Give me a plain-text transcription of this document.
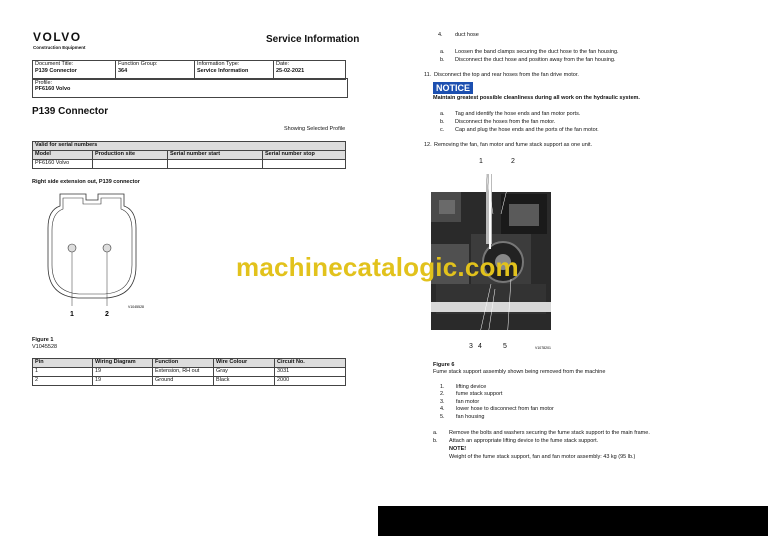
VOLVO
Construction Equipment
Service Information
Document Title:
P139 Connector

Function Group:
364

Information Type:
Service Information

Date:
25-02-2021
Profile:
PF6160 Volvo
P139 Connector
Showing Selected Profile
Valid for serial numbers			
Model	Production site	Serial number start	Serial number stop
PF6160 Volvo			
Right side extension out, P139 connector
1	2
V1045528
Figure 1
V1045528
Pin	Wiring Diagram	Function	Wire Colour	Circuit No.
1	19	Extension, RH out	Gray	3031
2	19	Ground	Black	2000
4. duct hose
a. Loosen the band clamps securing the duct hose to the fan housing.
b. Disconnect the duct hose and position away from the fan housing.
11. Disconnect the top and rear hoses from the fan drive motor.
NOTICE
Maintain greatest possible cleanliness during all work on the hydraulic system.
a. Tag and identify the hose ends and fan motor ports.
b. Disconnect the hoses from the fan motor.
c. Cap and plug the hose ends and the ports of the fan motor.
12. Removing the fan, fan motor and fume stack support as one unit.
V1078201
1	2
3 4	5
Figure 6
Fume stack support assembly shown being removed from the machine
1. lifting device
2. fume stack support
3. fan motor
4. lower hose to disconnect from fan motor
5. fan housing
a. Remove the bolts and washers securing the fume stack support to the main frame.
b. Attach an appropriate lifting device to the fume stack support.
NOTE!
Weight of the fume stack support, fan and fan motor assembly: 43 kg (95 lb.)
machinecatalogic.com
